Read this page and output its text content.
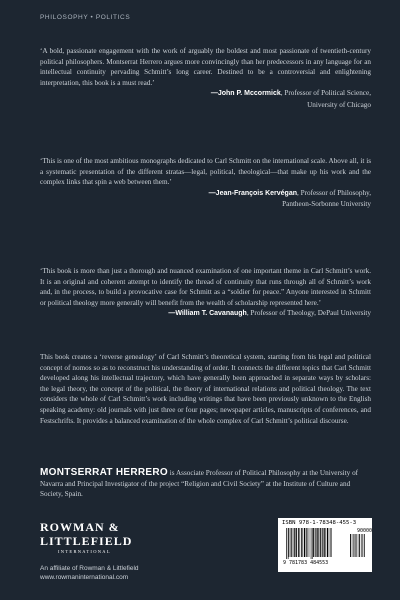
PHILOSOPHY • POLITICS

‘A bold, passionate engagement with the work of arguably the boldest and most passionate of twentieth-century political philosophers. Montserrat Herrero argues more convincingly than her predecessors in any language for an intellectual continuity pervading Schmitt’s long career. Destined to be a controversial and enlightening interpretation, this book is a must read.’

—John P. Mccormick, Professor of Political Science,
University of Chicago

‘This is one of the most ambitious monographs dedicated to Carl Schmitt on the international scale. Above all, it is a systematic presentation of the different stratas—legal, political, theological—that make up his work and the complex links that spin a web between them.’

—Jean-François Kervégan, Professor of Philosophy,
Pantheon-Sorbonne University

‘This book is more than just a thorough and nuanced examination of one important theme in Carl Schmitt’s work. It is an original and coherent attempt to identify the thread of continuity that runs through all of Schmitt’s work and, in the process, to build a provocative case for Schmitt as a “soldier for peace.” Anyone interested in Schmitt or political theology more generally will benefit from the wealth of scholarship represented here.’

—William T. Cavanaugh, Professor of Theology, DePaul University

This book creates a ‘reverse genealogy’ of Carl Schmitt’s theoretical system, starting from his legal and political concept of nomos so as to reconstruct his understanding of order. It connects the different topics that Carl Schmitt developed along his intellectual trajectory, which have generally been approached in separate ways by scholars: the legal theory, the concept of the political, the theory of international relations and political theology. The text considers the whole of Carl Schmitt’s work including writings that have been previously unknown to the English speaking academy: old journals with just three or four pages; newspaper articles, manuscripts of conferences, and Festschrifts. It provides a balanced examination of the whole complex of Carl Schmitt’s political discourse.

MONTSERRAT HERRERO is Associate Professor of Political Philosophy at the University of Navarra and Principal Investigator of the project “Religion and Civil Society” at the Institute of Culture and Society, Spain.
ROWMAN &
LITTLEFIELD
INTERNATIONAL
An affiliate of Rowman & Littlefield
www.rowmaninternational.com
ISBN 978-1-78348-455-3
90000
9 781783 484553
